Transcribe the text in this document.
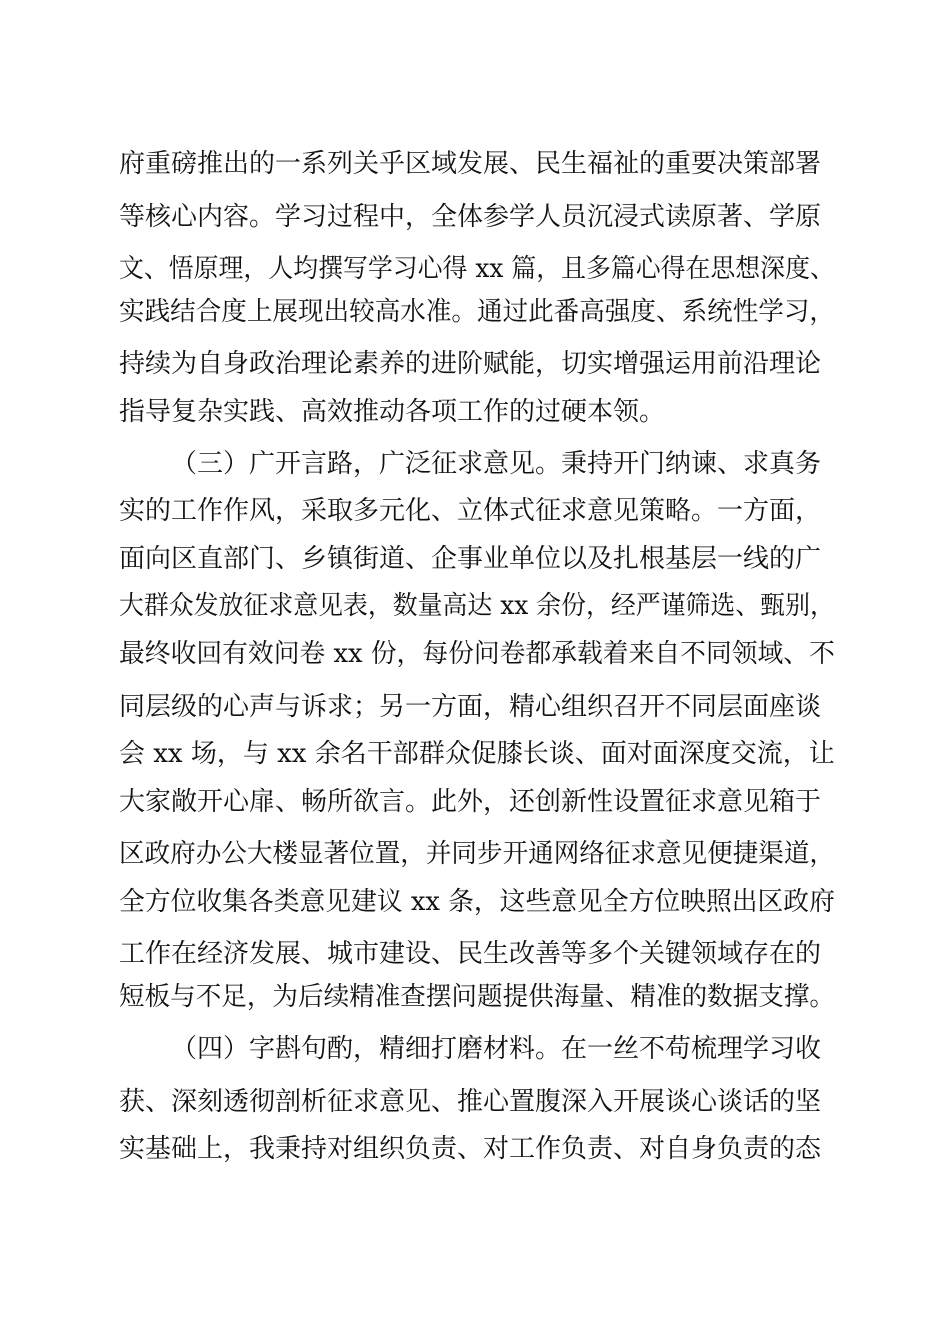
府重磅推出的一系列关乎区域发展、民生福祉的重要决策部署
等核心内容。学习过程中，全体参学人员沉浸式读原著、学原
文、悟原理，人均撰写学习心得 xx 篇，且多篇心得在思想深度、
实践结合度上展现出较高水准。通过此番高强度、系统性学习，
持续为自身政治理论素养的进阶赋能，切实增强运用前沿理论
指导复杂实践、高效推动各项工作的过硬本领。
（三）广开言路，广泛征求意见。秉持开门纳谏、求真务
实的工作作风，采取多元化、立体式征求意见策略。一方面，
面向区直部门、乡镇街道、企事业单位以及扎根基层一线的广
大群众发放征求意见表，数量高达 xx 余份，经严谨筛选、甄别，
最终收回有效问卷 xx 份，每份问卷都承载着来自不同领域、不
同层级的心声与诉求；另一方面，精心组织召开不同层面座谈
会 xx 场，与 xx 余名干部群众促膝长谈、面对面深度交流，让
大家敞开心扉、畅所欲言。此外，还创新性设置征求意见箱于
区政府办公大楼显著位置，并同步开通网络征求意见便捷渠道，
全方位收集各类意见建议 xx 条，这些意见全方位映照出区政府
工作在经济发展、城市建设、民生改善等多个关键领域存在的
短板与不足，为后续精准查摆问题提供海量、精准的数据支撑。
（四）字斟句酌，精细打磨材料。在一丝不苟梳理学习收
获、深刻透彻剖析征求意见、推心置腹深入开展谈心谈话的坚
实基础上，我秉持对组织负责、对工作负责、对自身负责的态
